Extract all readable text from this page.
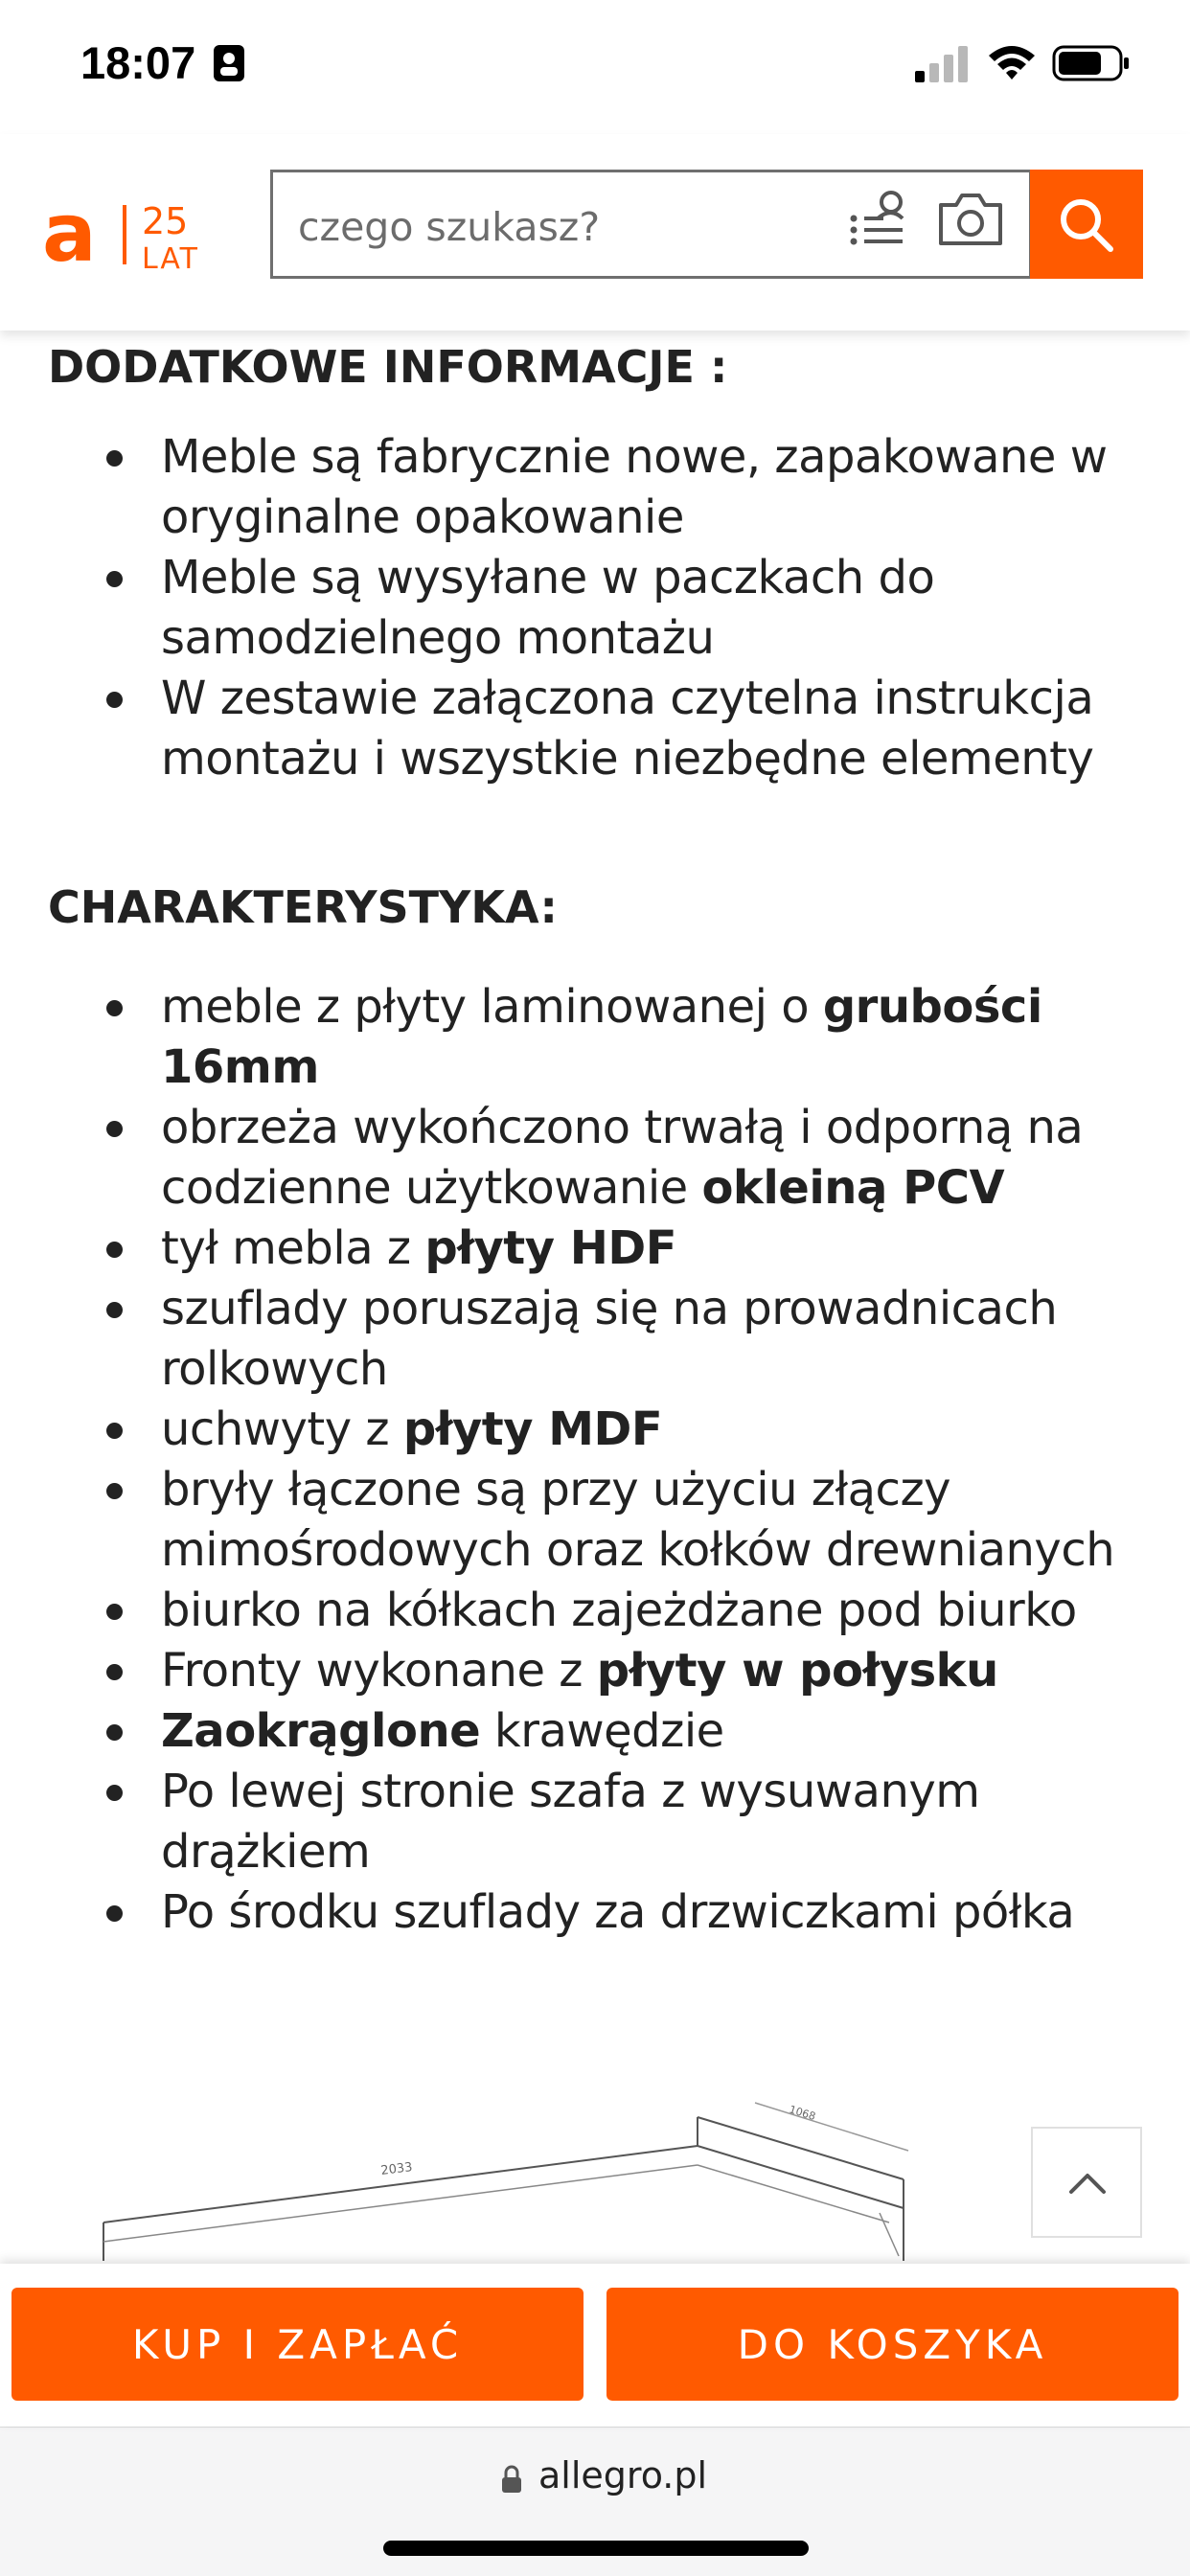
18:07
a 25
LAT
czego szukasz?
DODATKOWE INFORMACJE :
Meble są fabrycznie nowe, zapakowane w oryginalne opakowanie
Meble są wysyłane w paczkach do samodzielnego montażu
W zestawie załączona czytelna instrukcja montażu i wszystkie niezbędne elementy
CHARAKTERYSTYKA:
meble z płyty laminowanej o grubości 16mm
obrzeża wykończono trwałą i odporną na codzienne użytkowanie okleiną PCV
tył mebla z płyty HDF
szuflady poruszają się na prowadnicach rolkowych
uchwyty z płyty MDF
bryły łączone są przy użyciu złączy mimośrodowych oraz kołków drewnianych
biurko na kółkach zajeżdżane pod biurko
Fronty wykonane z płyty w połysku
Zaokrąglone krawędzie
Po lewej stronie szafa z wysuwanym drążkiem
Po środku szuflady za drzwiczkami półka
2033
1068
KUP I ZAPŁAĆ	DO KOSZYKA
allegro.pl
